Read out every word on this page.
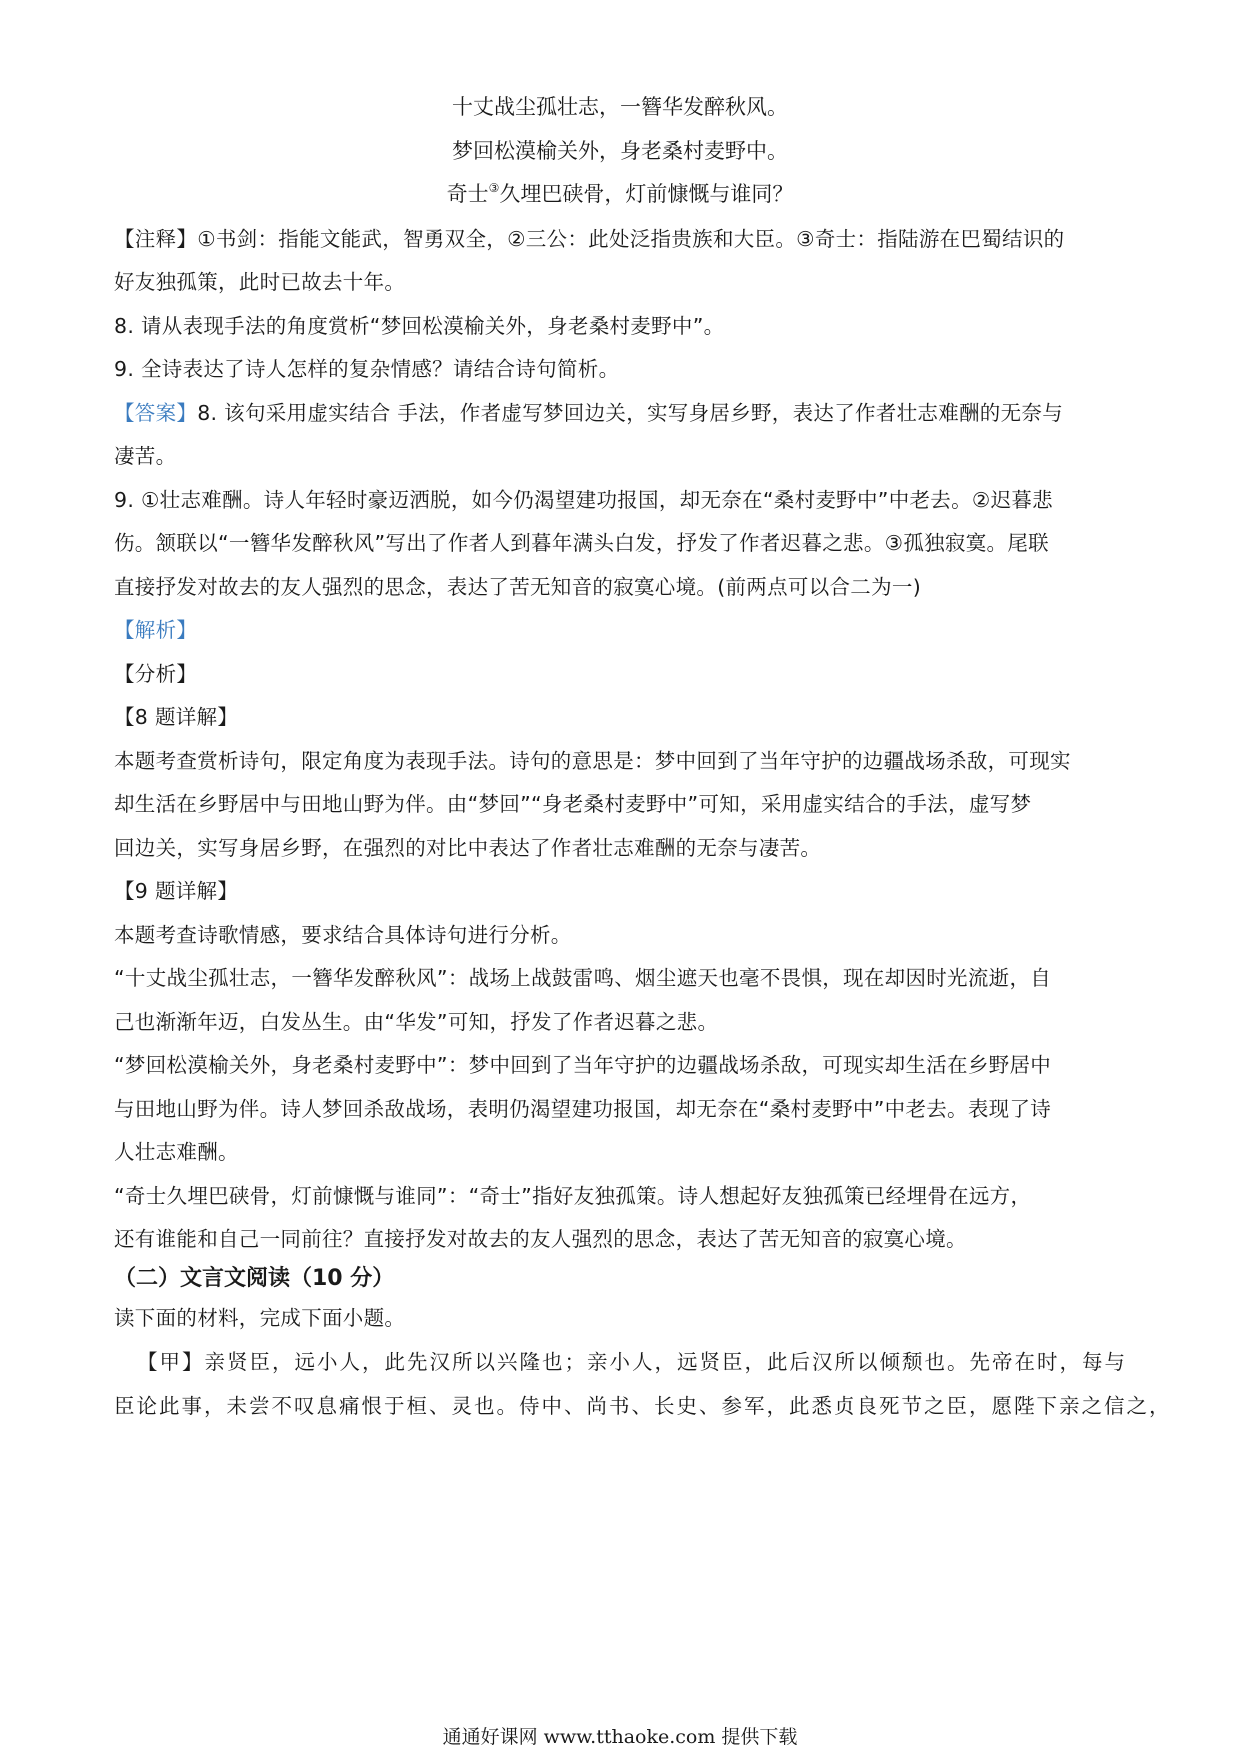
十丈战尘孤壮志，一簪华发醉秋风。
梦回松漠榆关外，身老桑村麦野中。
奇士③久埋巴硖骨，灯前慷慨与谁同？
【注释】①书剑：指能文能武，智勇双全，②三公：此处泛指贵族和大臣。③奇士：指陆游在巴蜀结识的
好友独孤策，此时已故去十年。
8. 请从表现手法的角度赏析“梦回松漠榆关外，身老桑村麦野中”。
9. 全诗表达了诗人怎样的复杂情感？请结合诗句简析。
【答案】8. 该句采用虚实结合 手法，作者虚写梦回边关，实写身居乡野，表达了作者壮志难酬的无奈与
凄苦。
9. ①壮志难酬。诗人年轻时豪迈洒脱，如今仍渴望建功报国，却无奈在“桑村麦野中”中老去。②迟暮悲
伤。颔联以“一簪华发醉秋风”写出了作者人到暮年满头白发，抒发了作者迟暮之悲。③孤独寂寞。尾联
直接抒发对故去的友人强烈的思念，表达了苦无知音的寂寞心境。(前两点可以合二为一)
【解析】
【分析】
【8 题详解】
本题考查赏析诗句，限定角度为表现手法。诗句的意思是：梦中回到了当年守护的边疆战场杀敌，可现实
却生活在乡野居中与田地山野为伴。由“梦回”“身老桑村麦野中”可知，采用虚实结合的手法，虚写梦
回边关，实写身居乡野，在强烈的对比中表达了作者壮志难酬的无奈与凄苦。
【9 题详解】
本题考查诗歌情感，要求结合具体诗句进行分析。
“十丈战尘孤壮志，一簪华发醉秋风”：战场上战鼓雷鸣、烟尘遮天也毫不畏惧，现在却因时光流逝，自
己也渐渐年迈，白发丛生。由“华发”可知，抒发了作者迟暮之悲。
“梦回松漠榆关外，身老桑村麦野中”：梦中回到了当年守护的边疆战场杀敌，可现实却生活在乡野居中
与田地山野为伴。诗人梦回杀敌战场，表明仍渴望建功报国，却无奈在“桑村麦野中”中老去。表现了诗
人壮志难酬。
“奇士久埋巴硖骨，灯前慷慨与谁同”：“奇士”指好友独孤策。诗人想起好友独孤策已经埋骨在远方，
还有谁能和自己一同前往？直接抒发对故去的友人强烈的思念，表达了苦无知音的寂寞心境。
（二）文言文阅读（10 分）
读下面的材料，完成下面小题。
【甲】亲贤臣，远小人，此先汉所以兴隆也；亲小人，远贤臣，此后汉所以倾颓也。先帝在时，每与
臣论此事，未尝不叹息痛恨于桓、灵也。侍中、尚书、长史、参军，此悉贞良死节之臣，愿陛下亲之信之，
通通好课网 www.tthaoke.com 提供下载
